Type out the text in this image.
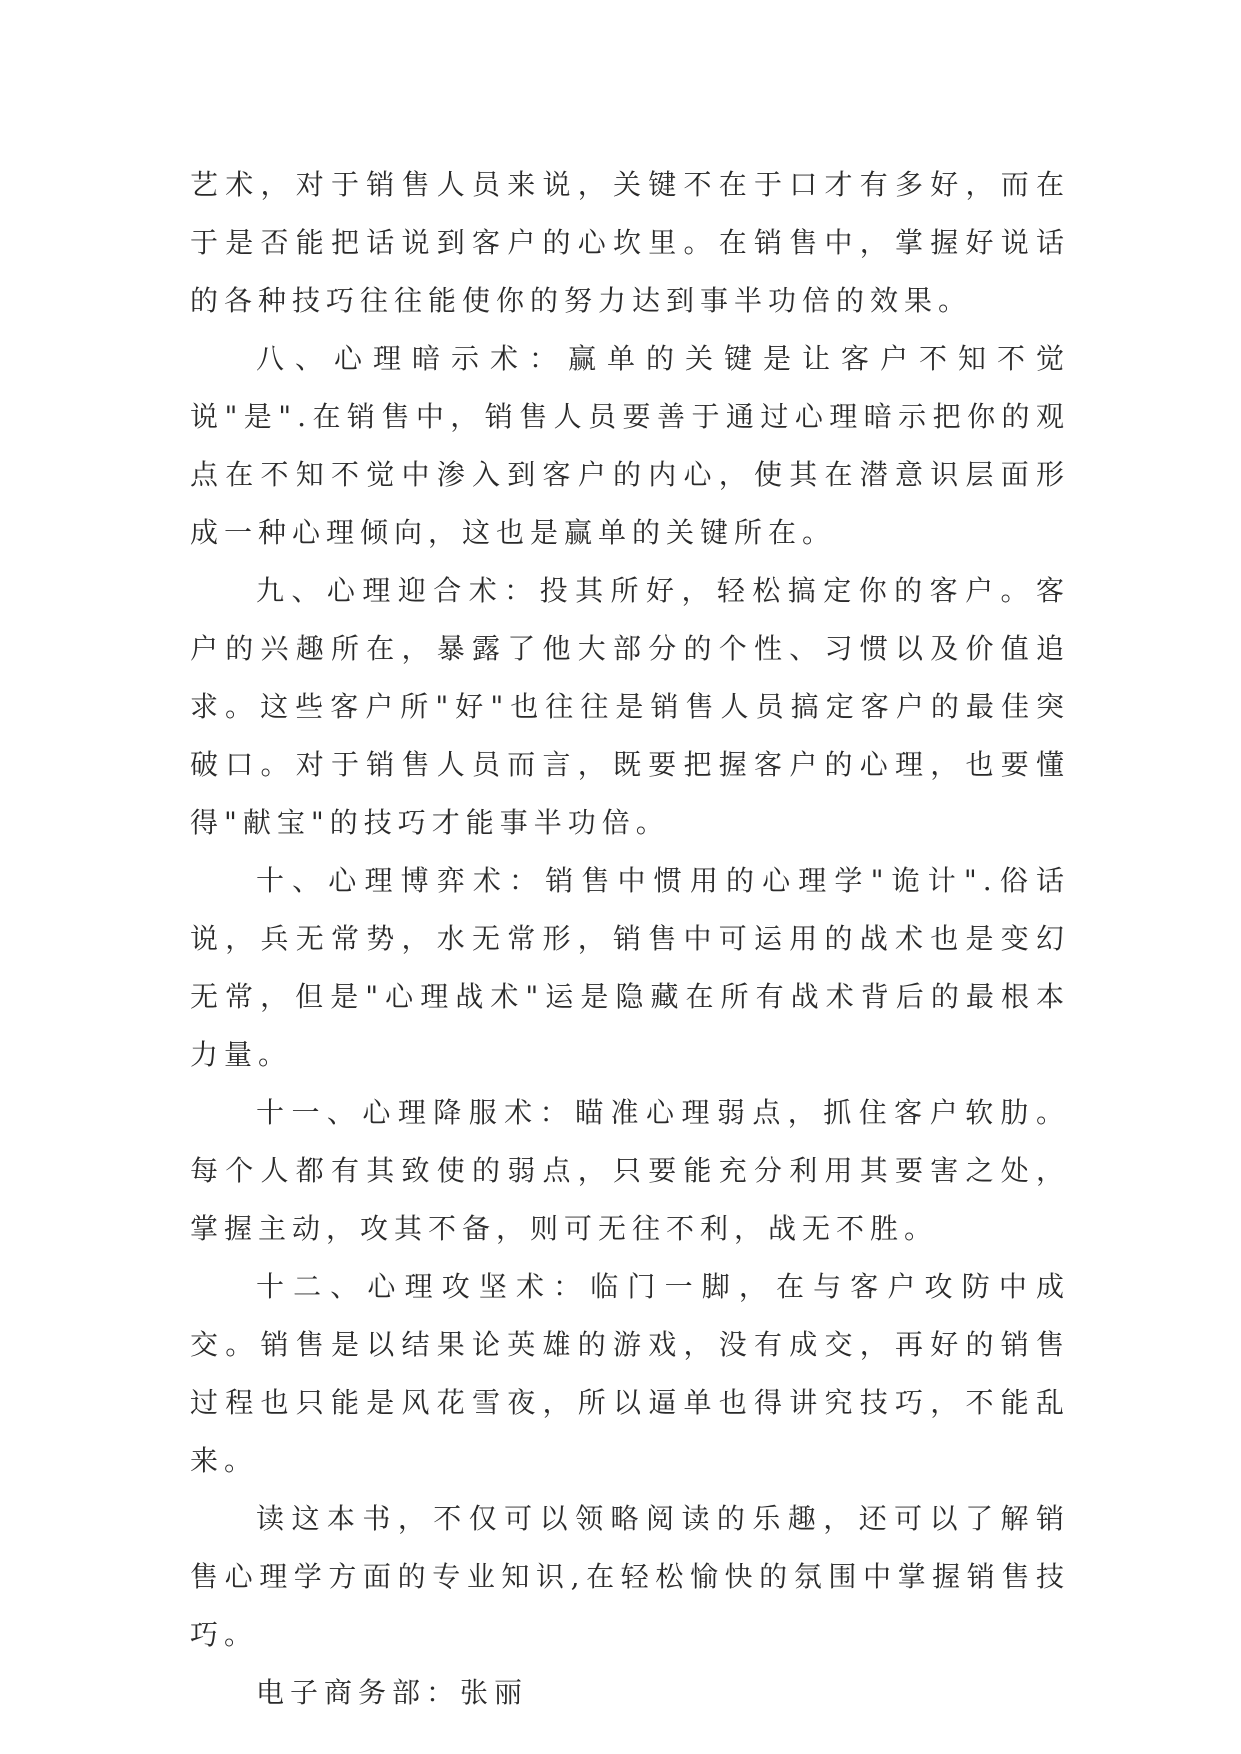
艺术，对于销售人员来说，关键不在于口才有多好，而在于是否能把话说到客户的心坎里。在销售中，掌握好说话的各种技巧往往能使你的努力达到事半功倍的效果。

八、心理暗示术：赢单的关键是让客户不知不觉说"是".在销售中，销售人员要善于通过心理暗示把你的观点在不知不觉中渗入到客户的内心，使其在潜意识层面形成一种心理倾向，这也是赢单的关键所在。

九、心理迎合术：投其所好，轻松搞定你的客户。客户的兴趣所在，暴露了他大部分的个性、习惯以及价值追求。这些客户所"好"也往往是销售人员搞定客户的最佳突破口。对于销售人员而言，既要把握客户的心理，也要懂得"献宝"的技巧才能事半功倍。

十、心理博弈术：销售中惯用的心理学"诡计".俗话说，兵无常势，水无常形，销售中可运用的战术也是变幻无常，但是"心理战术"运是隐藏在所有战术背后的最根本力量。

十一、心理降服术：瞄准心理弱点，抓住客户软肋。每个人都有其致使的弱点，只要能充分利用其要害之处，掌握主动，攻其不备，则可无往不利，战无不胜。

十二、心理攻坚术：临门一脚，在与客户攻防中成交。销售是以结果论英雄的游戏，没有成交，再好的销售过程也只能是风花雪夜，所以逼单也得讲究技巧，不能乱来。

读这本书，不仅可以领略阅读的乐趣，还可以了解销售心理学方面的专业知识,在轻松愉快的氛围中掌握销售技巧。

电子商务部：张丽
